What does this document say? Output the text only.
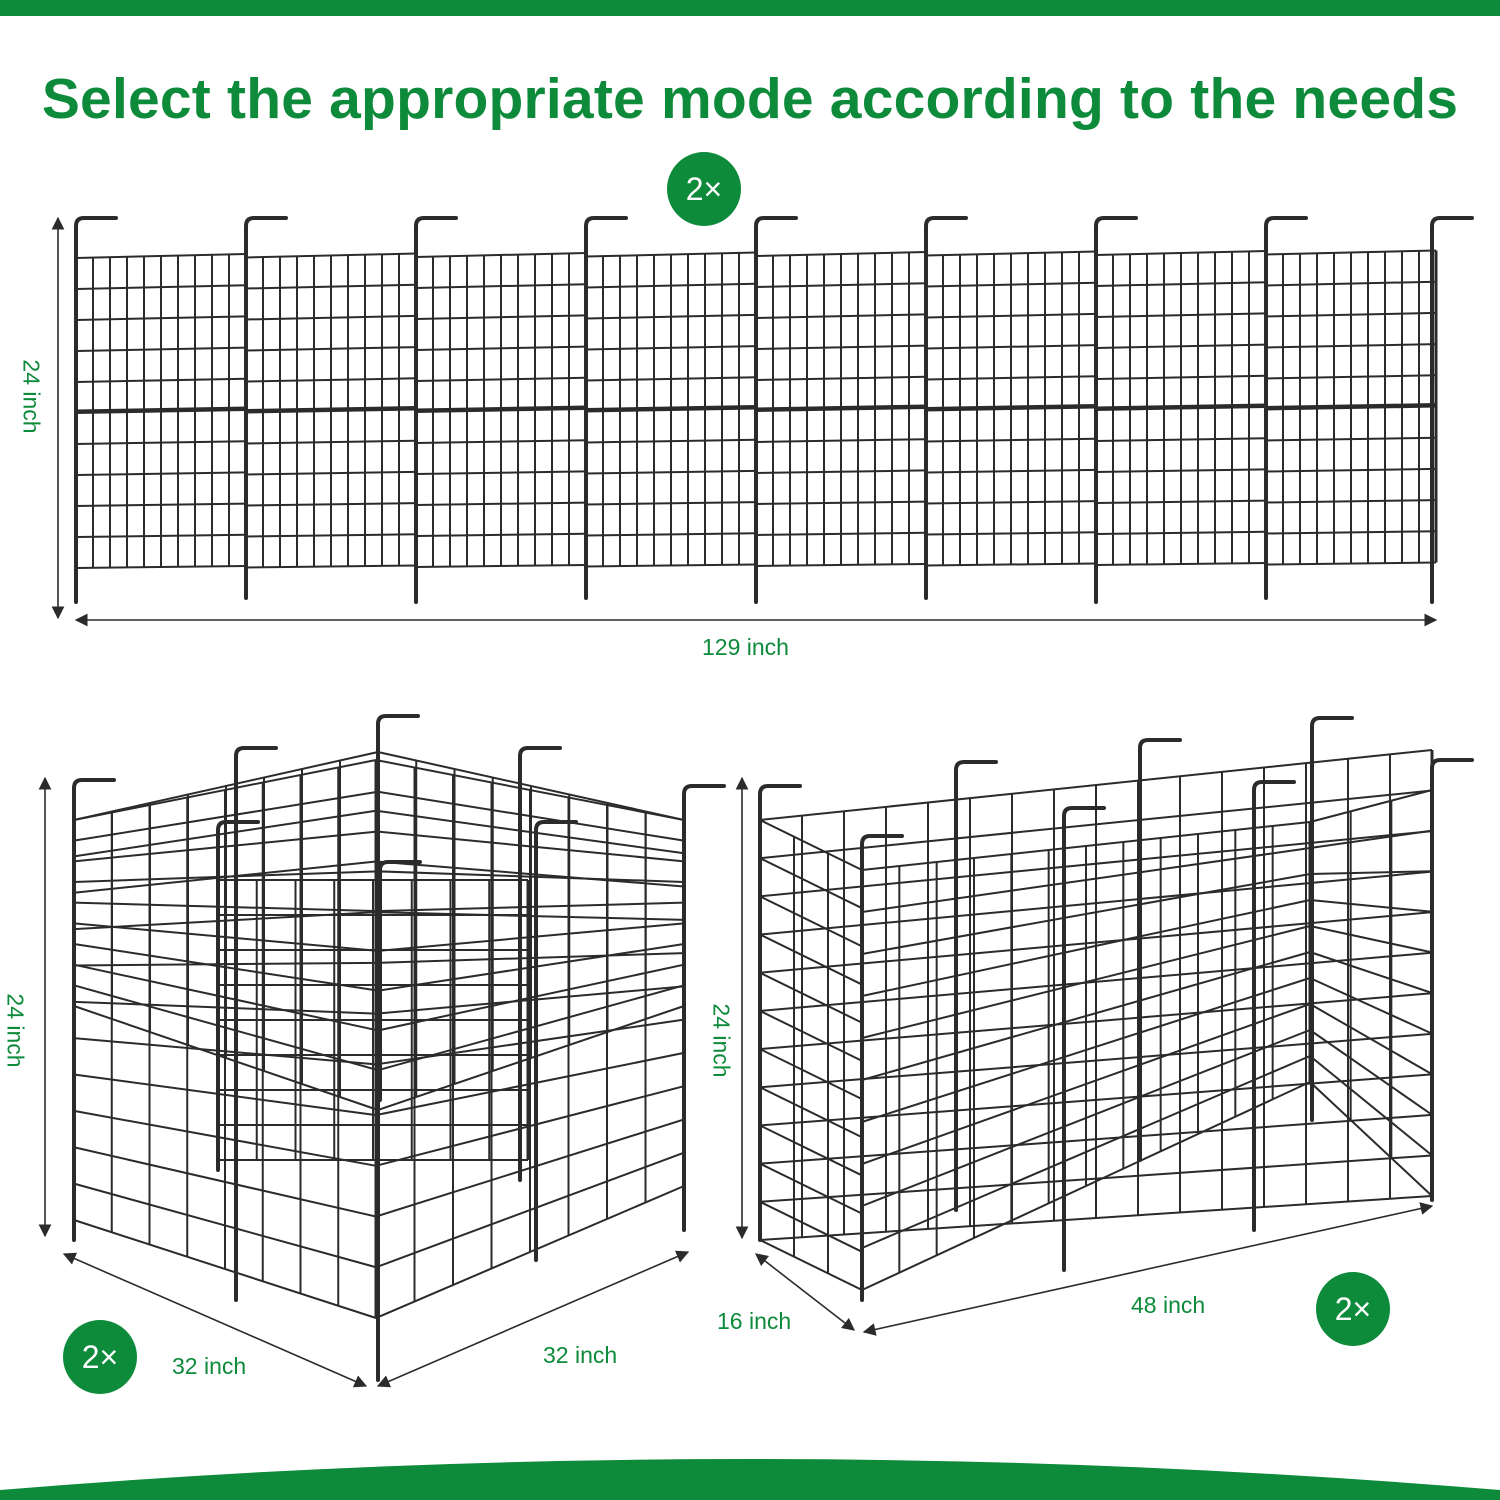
Select the appropriate mode according to the needs
2×
24 inch
129 inch
24 inch
32 inch	32 inch
2×
24 inch
16 inch
48 inch	2×
